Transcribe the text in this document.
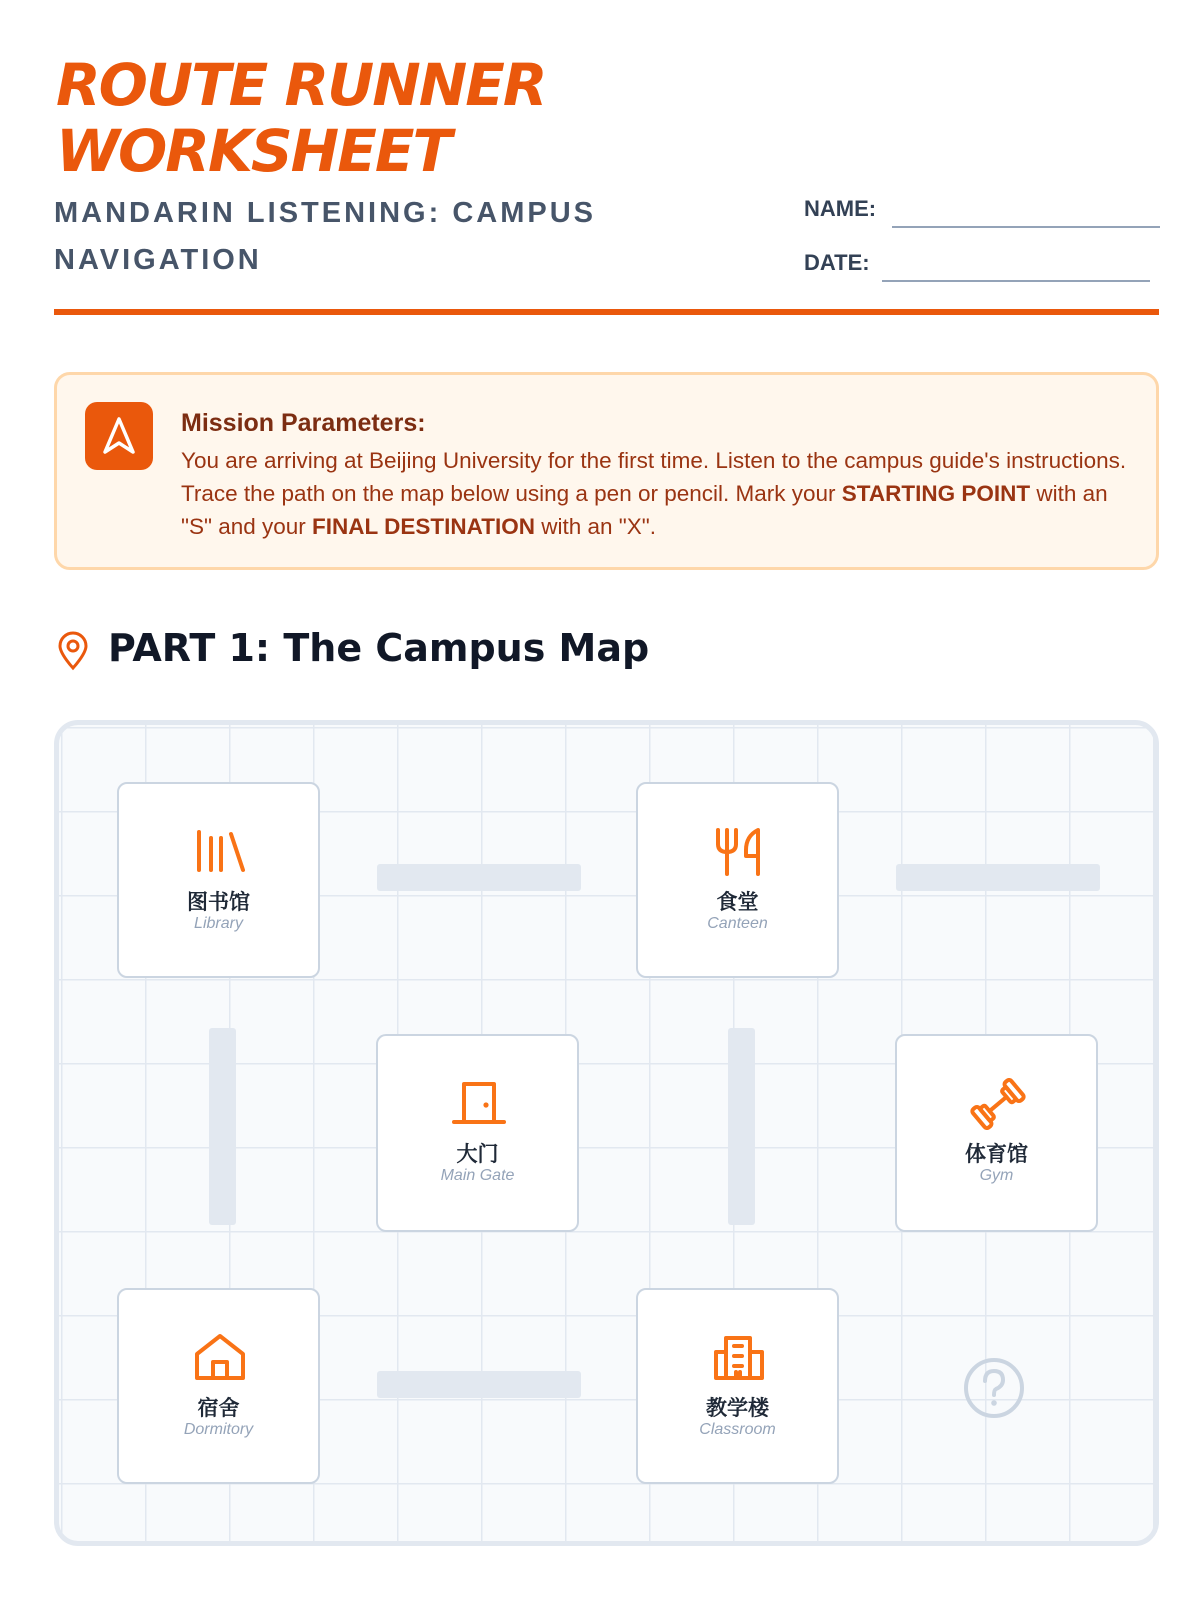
ROUTE RUNNER
WORKSHEET
MANDARIN LISTENING: CAMPUS
NAVIGATION
NAME:
DATE:
Mission Parameters:
You are arriving at Beijing University for the first time. Listen to the campus guide's instructions. Trace the path on the map below using a pen or pencil. Mark your STARTING POINT with an "S" and your FINAL DESTINATION with an "X".
PART 1: The Campus Map
图书馆
Library
食堂
Canteen
大门
Main Gate
体育馆
Gym
宿舍
Dormitory
教学楼
Classroom
